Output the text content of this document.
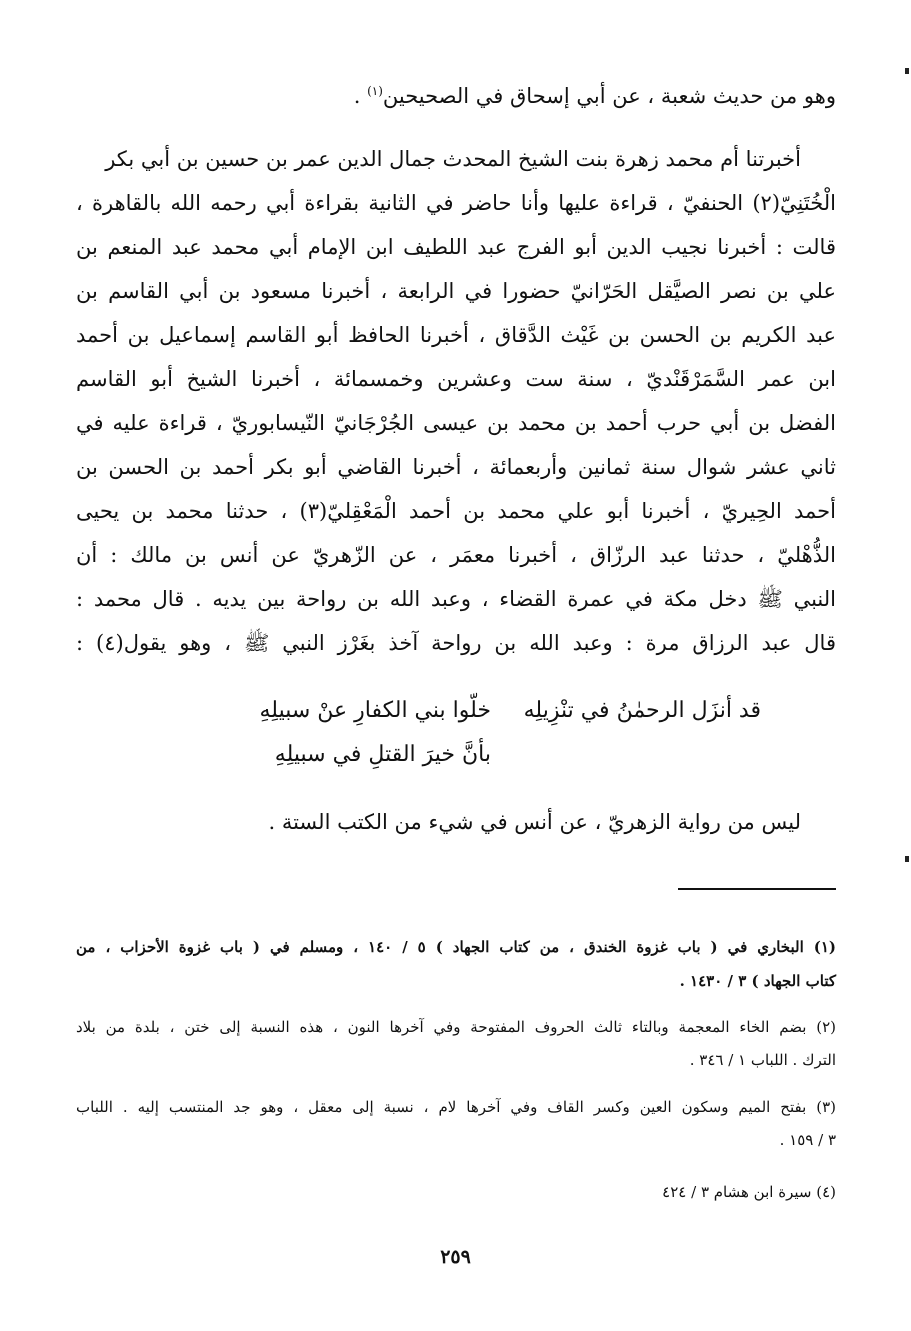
وهو من حديث شعبة ، عن أبي إسحاق في الصحيحين$^{(١)}$ .
أخبرتنا أم محمد زهرة بنت الشيخ المحدث جمال الدين عمر بن حسين بن أبي بكر
الْخُتَنِيّ(٢) الحنفيّ ، قراءة عليها وأنا حاضر في الثانية بقراءة أبي رحمه الله بالقاهرة ،
قالت : أخبرنا نجيب الدين أبو الفرج عبد اللطيف ابن الإمام أبي محمد عبد المنعم بن
علي بن نصر الصيَّقل الحَرّانيّ حضورا في الرابعة ، أخبرنا مسعود بن أبي القاسم بن
عبد الكريم بن الحسن بن غَيْث الدَّقاق ، أخبرنا الحافظ أبو القاسم إسماعيل بن أحمد
ابن عمر السَّمَرْقَنْديّ ، سنة ست وعشرين وخمسمائة ، أخبرنا الشيخ أبو القاسم
الفضل بن أبي حرب أحمد بن محمد بن عيسى الجُرْجَانيّ النّيسابوريّ ، قراءة عليه في
ثاني عشر شوال سنة ثمانين وأربعمائة ، أخبرنا القاضي أبو بكر أحمد بن الحسن بن
أحمد الحِيريّ ، أخبرنا أبو علي محمد بن أحمد الْمَعْقِليّ(٣) ، حدثنا محمد بن يحيى
الذُّهْليّ ، حدثنا عبد الرزّاق ، أخبرنا معمَر ، عن الزّهريّ عن أنس بن مالك : أن
النبي ﷺ دخل مكة في عمرة القضاء ، وعبد الله بن رواحة بين يديه . قال محمد :
قال عبد الرزاق مرة : وعبد الله بن رواحة آخذ بغَرْز النبي ﷺ ، وهو يقول(٤) :
قد أنزَل الرحمٰنُ في تنْزِيلِه
خلّوا بني الكفارِ عنْ سبيلِهِ
بأنَّ خيرَ القتلِ في سبيلِهِ
ليس من رواية الزهريّ ، عن أنس في شيء من الكتب الستة .
(١) البخاري في ( باب غزوة الخندق ، من كتاب الجهاد ) ٥ / ١٤٠ ، ومسلم في ( باب غزوة الأحزاب ، من
كتاب الجهاد ) ٣ / ١٤٣٠ .
(٢) بضم الخاء المعجمة وبالتاء ثالث الحروف المفتوحة وفي آخرها النون ، هذه النسبة إلى ختن ، بلدة من بلاد
الترك . اللباب ١ / ٣٤٦ .
(٣) بفتح الميم وسكون العين وكسر القاف وفي آخرها لام ، نسبة إلى معقل ، وهو جد المنتسب إليه . اللباب
٣ / ١٥٩ .
(٤) سيرة ابن هشام ٣ / ٤٢٤
٢٥٩
